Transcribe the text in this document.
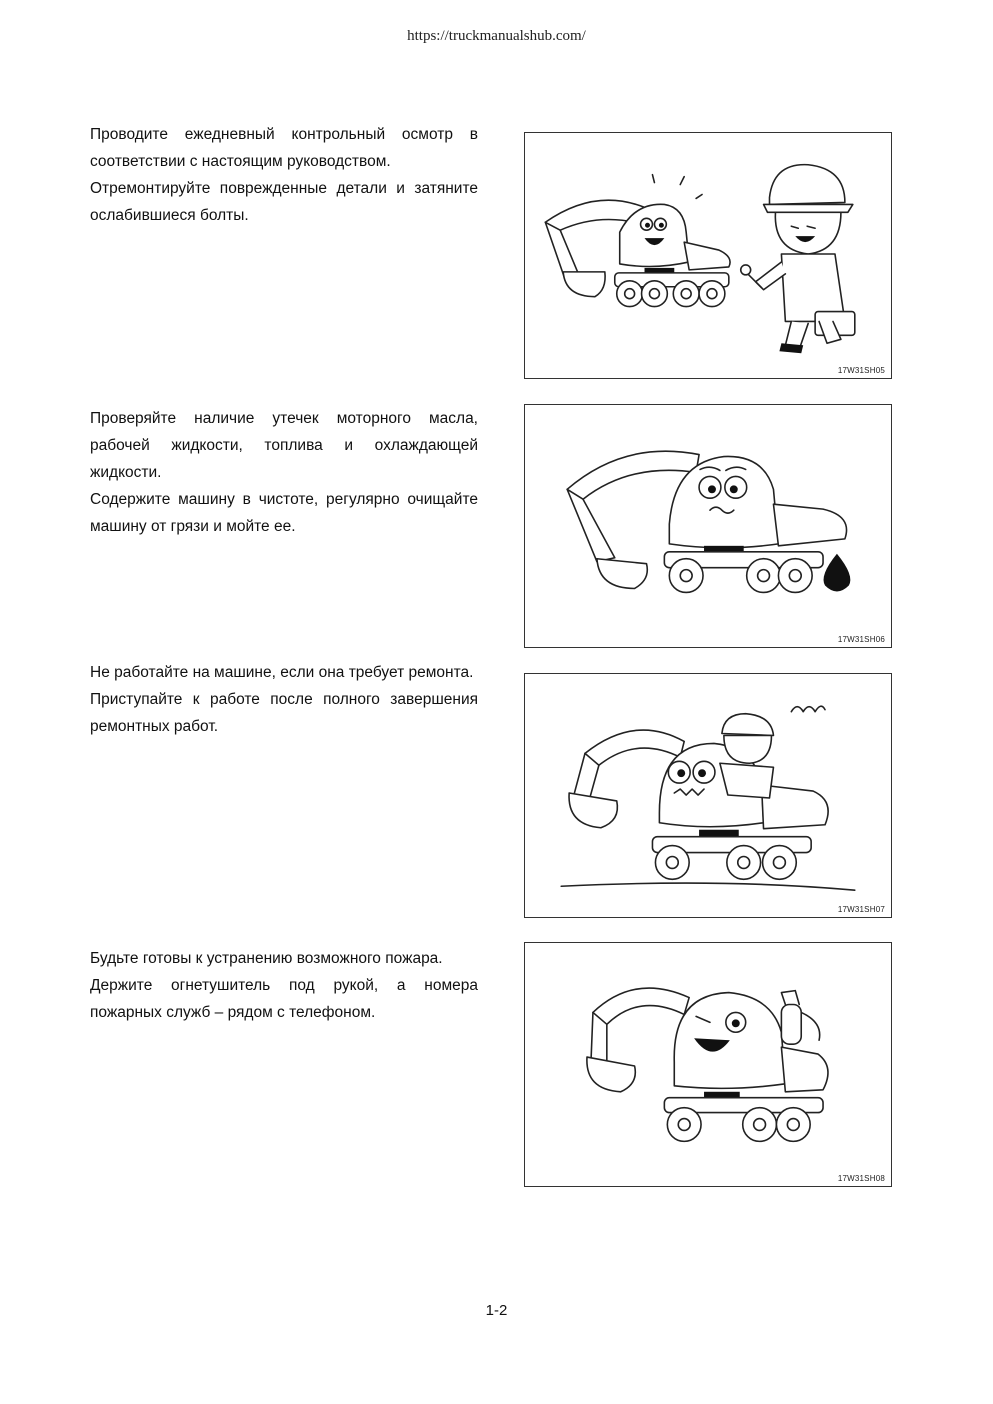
https://truckmanualshub.com/

Проводите ежедневный контрольный осмотр в соответствии с настоящим руководством.

Отремонтируйте поврежденные детали и затяните ослабившиеся болты.

17W31SH05

Проверяйте наличие утечек моторного масла, рабочей жидкости, топлива и охлаждающей жидкости.

Содержите машину в чистоте, регулярно очищайте машину от грязи и мойте ее.

17W31SH06

Не работайте на машине, если она требует ремонта.

Приступайте к работе после полного завершения ремонтных работ.

17W31SH07

Будьте готовы к устранению возможного пожара.

Держите огнетушитель под рукой, а номера пожарных служб – рядом с телефоном.

17W31SH08
1-2
